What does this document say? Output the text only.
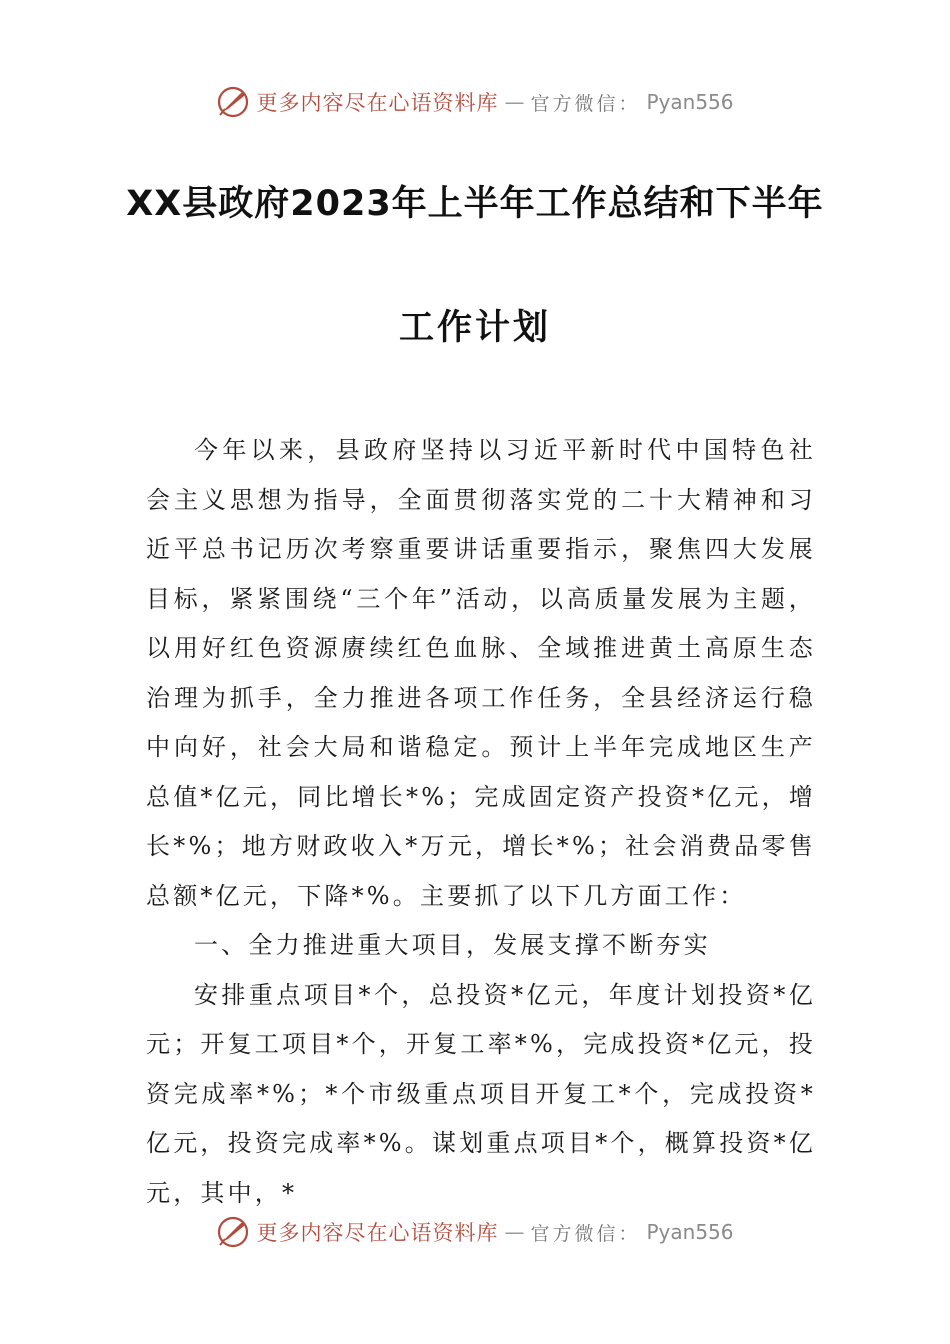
更多内容尽在心语资料库 — 官方微信： Pyan556
XX县政府2023年上半年工作总结和下半年
工作计划

今年以来，县政府坚持以习近平新时代中国特色社会主义思想为指导，全面贯彻落实党的二十大精神和习近平总书记历次考察重要讲话重要指示，聚焦四大发展目标，紧紧围绕“三个年”活动，以高质量发展为主题，以用好红色资源赓续红色血脉、全域推进黄土高原生态治理为抓手，全力推进各项工作任务，全县经济运行稳中向好，社会大局和谐稳定。预计上半年完成地区生产总值*亿元，同比增长*%；完成固定资产投资*亿元，增长*%；地方财政收入*万元，增长*%；社会消费品零售总额*亿元，下降*%。主要抓了以下几方面工作：

一、全力推进重大项目，发展支撑不断夯实

安排重点项目*个，总投资*亿元，年度计划投资*亿元；开复工项目*个，开复工率*%，完成投资*亿元，投资完成率*%；*个市级重点项目开复工*个，完成投资*亿元，投资完成率*%。谋划重点项目*个，概算投资*亿元，其中，*

更多内容尽在心语资料库 — 官方微信： Pyan556
